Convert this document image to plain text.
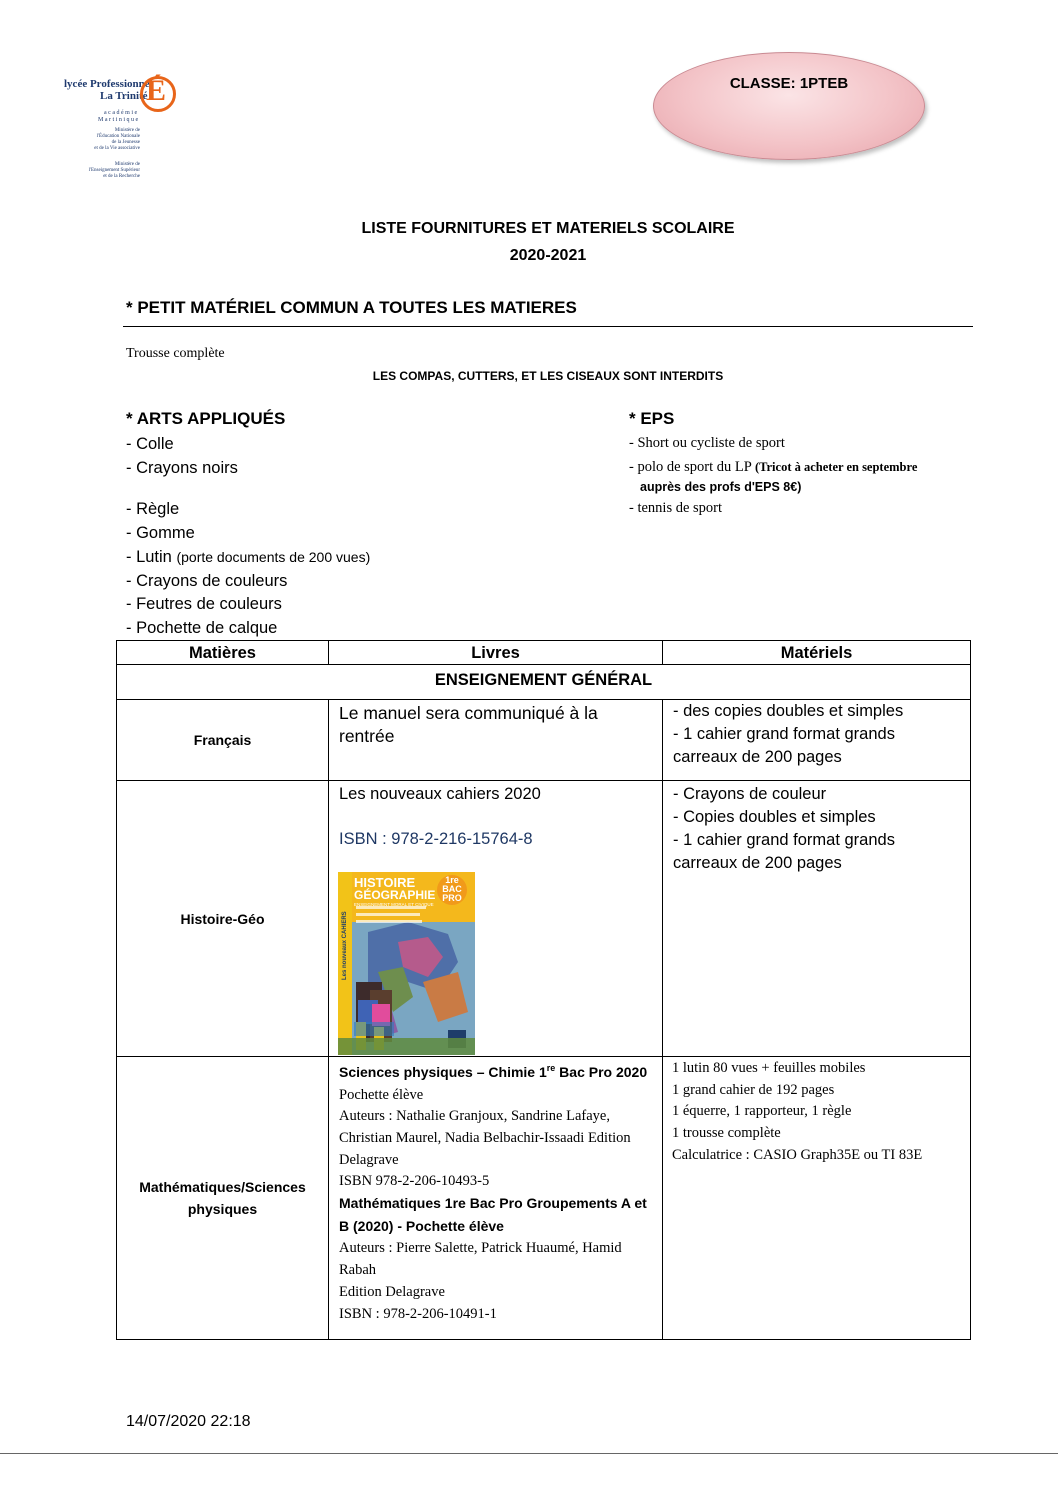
lycée Professionnel
La Trinité
É
a c a d é m i e
M a r t i n i q u e
Ministère de
l'Éducation Nationale
de la Jeunesse
et de la Vie associative
Ministère de
l'Enseignement Supérieur
et de la Recherche
CLASSE: 1PTEB
LISTE FOURNITURES ET MATERIELS SCOLAIRE
2020-2021
* PETIT MATÉRIEL COMMUN A TOUTES LES MATIERES
Trousse complète
LES COMPAS, CUTTERS, ET LES CISEAUX SONT INTERDITS
* ARTS APPLIQUÉS
- Colle
- Crayons noirs
- Règle
- Gomme
- Lutin (porte documents de 200 vues)
- Crayons de couleurs
- Feutres de couleurs
- Pochette de calque
* EPS
- Short ou cycliste de sport
- polo de sport du LP (Tricot à acheter en septembre
auprès des profs d'EPS 8€)
- tennis de sport
Matières	Livres	Matériels
ENSEIGNEMENT GÉNÉRAL
Français
Le manuel sera communiqué à la rentrée
- des copies doubles et simples
- 1 cahier grand format grands carreaux de 200 pages
Histoire-Géo
Les nouveaux cahiers 2020
ISBN : 978-2-216-15764-8
HISTOIRE
GÉOGRAPHIE
ENSEIGNEMENT MORAL ET CIVIQUE
1re
BAC
PRO
Les nouveaux CAHIERS
- Crayons de couleur
- Copies doubles et simples
- 1 cahier grand format grands carreaux de 200 pages
Mathématiques/Sciences physiques
Sciences physiques – Chimie 1re Bac Pro 2020
Pochette élève
Auteurs : Nathalie Granjoux, Sandrine Lafaye, Christian Maurel, Nadia Belbachir-Issaadi Edition Delagrave
ISBN 978-2-206-10493-5
Mathématiques 1re Bac Pro Groupements A et B (2020) - Pochette élève
Auteurs : Pierre Salette, Patrick Huaumé, Hamid Rabah
Edition Delagrave
ISBN : 978-2-206-10491-1
1 lutin 80 vues + feuilles mobiles
1 grand cahier de 192 pages
1 équerre, 1 rapporteur, 1 règle
1 trousse complète
Calculatrice : CASIO Graph35E ou TI 83E
14/07/2020 22:18
